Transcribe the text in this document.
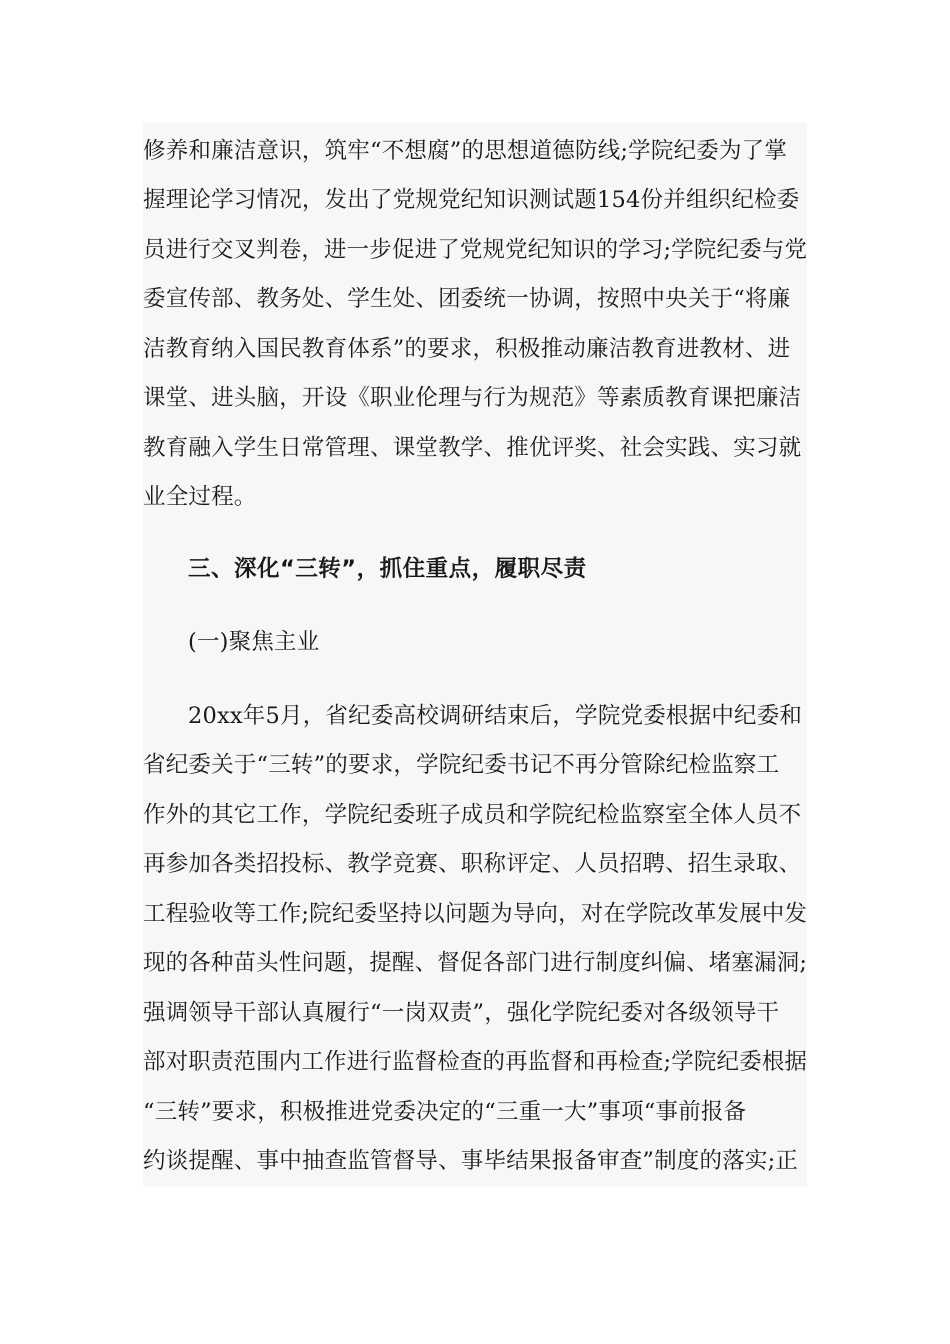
修养和廉洁意识，筑牢“不想腐”的思想道德防线;学院纪委为了掌
握理论学习情况，发出了党规党纪知识测试题154份并组织纪检委
员进行交叉判卷，进一步促进了党规党纪知识的学习;学院纪委与党
委宣传部、教务处、学生处、团委统一协调，按照中央关于“将廉
洁教育纳入国民教育体系”的要求，积极推动廉洁教育进教材、进
课堂、进头脑，开设《职业伦理与行为规范》等素质教育课把廉洁
教育融入学生日常管理、课堂教学、推优评奖、社会实践、实习就
业全过程。
三、深化“三转”，抓住重点，履职尽责
(一)聚焦主业
20xx年5月，省纪委高校调研结束后，学院党委根据中纪委和
省纪委关于“三转”的要求，学院纪委书记不再分管除纪检监察工
作外的其它工作，学院纪委班子成员和学院纪检监察室全体人员不
再参加各类招投标、教学竞赛、职称评定、人员招聘、招生录取、
工程验收等工作;院纪委坚持以问题为导向，对在学院改革发展中发
现的各种苗头性问题，提醒、督促各部门进行制度纠偏、堵塞漏洞;
强调领导干部认真履行“一岗双责”，强化学院纪委对各级领导干
部对职责范围内工作进行监督检查的再监督和再检查;学院纪委根据
“三转”要求，积极推进党委决定的“三重一大”事项“事前报备
约谈提醒、事中抽查监管督导、事毕结果报备审查”制度的落实;正
